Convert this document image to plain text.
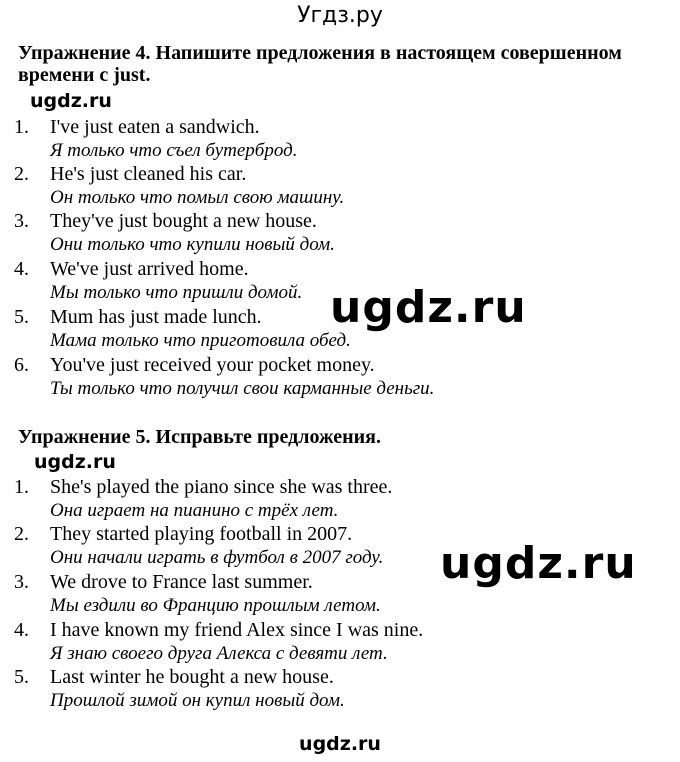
Угдз.ру
Упражнение 4. Напишите предложения в настоящем совершенном
времени с just.
ugdz.ru
1. I've just eaten a sandwich.
Я только что съел бутерброд.
2. He's just cleaned his car.
Он только что помыл свою машину.
3. They've just bought a new house.
Они только что купили новый дом.
4. We've just arrived home.
Мы только что пришли домой.
5. Mum has just made lunch.
Мама только что приготовила обед.
6. You've just received your pocket money.
Ты только что получил свои карманные деньги.
ugdz.ru
Упражнение 5. Исправьте предложения.
ugdz.ru
1. She's played the piano since she was three.
Она играет на пианино с трёх лет.
2. They started playing football in 2007.
Они начали играть в футбол в 2007 году.
3. We drove to France last summer.
Мы ездили во Францию прошлым летом.
4. I have known my friend Alex since I was nine.
Я знаю своего друга Алекса с девяти лет.
5. Last winter he bought a new house.
Прошлой зимой он купил новый дом.
ugdz.ru
ugdz.ru
